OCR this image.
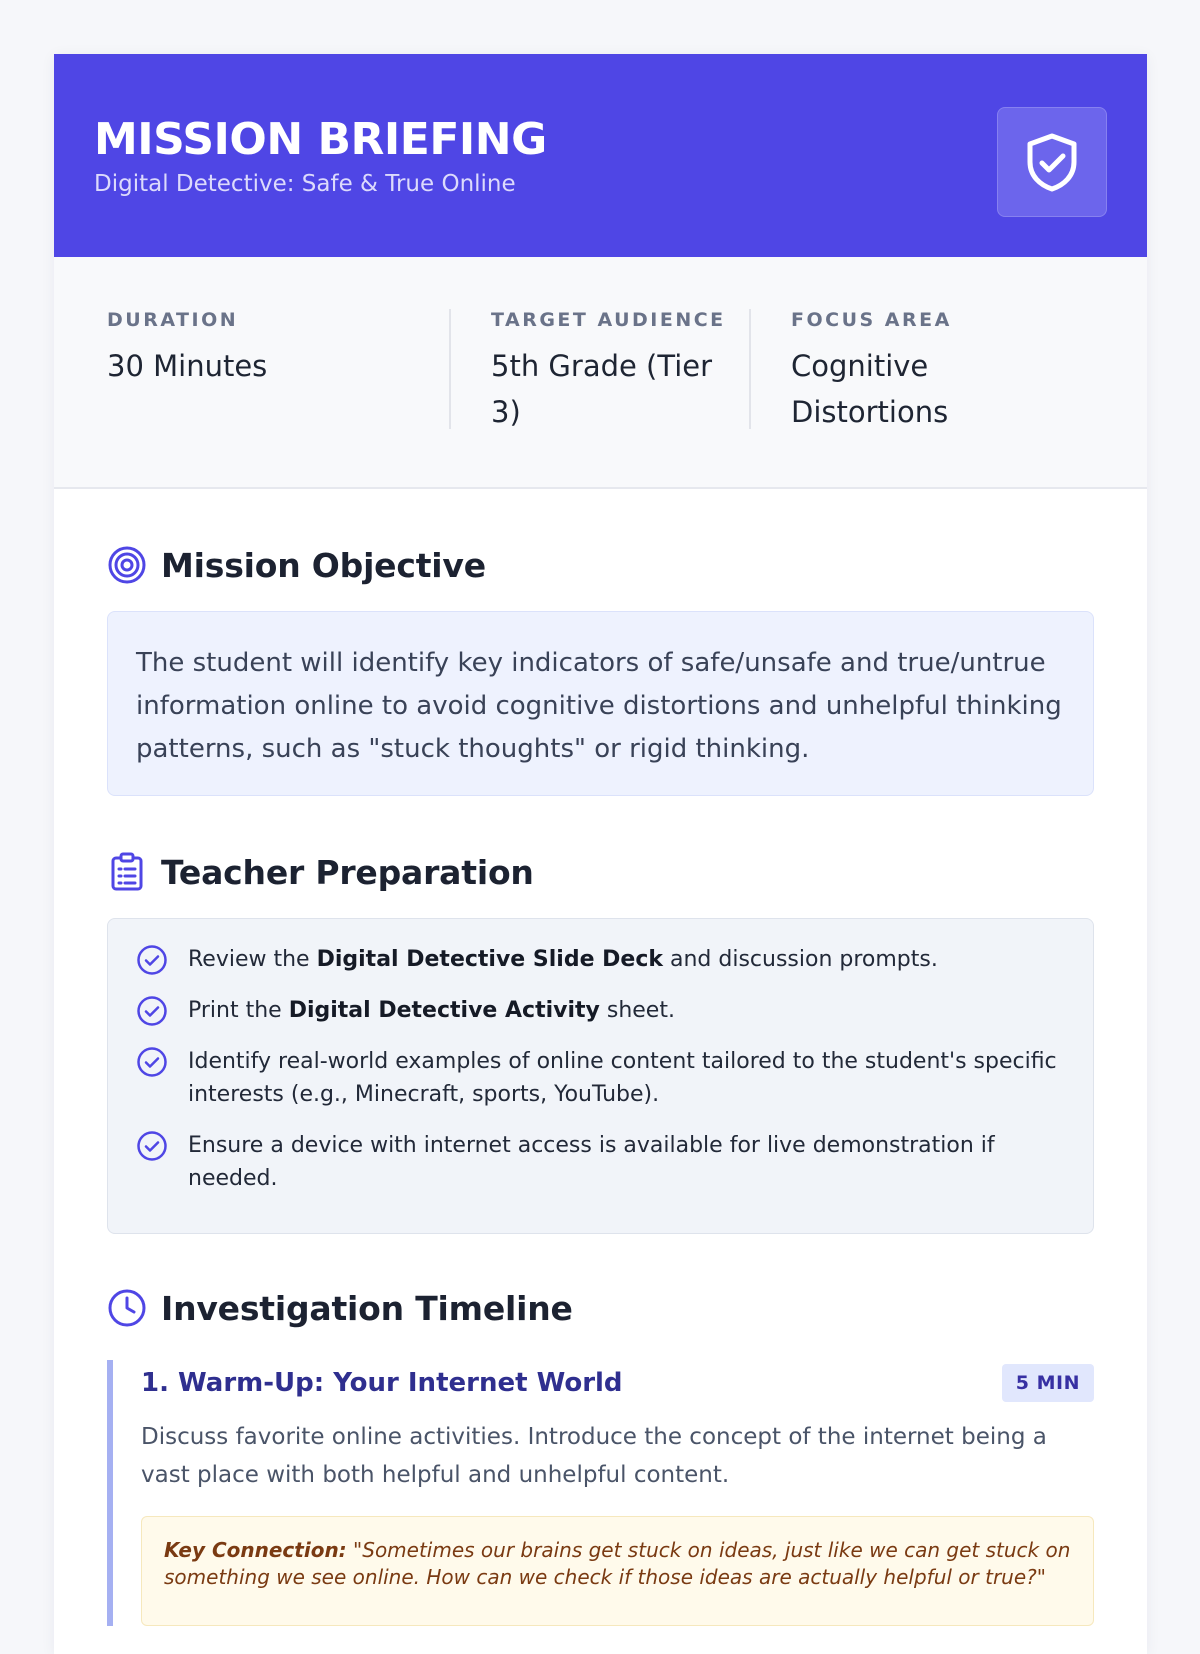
MISSION BRIEFING
Digital Detective: Safe & True Online
DURATION
30 Minutes
TARGET AUDIENCE
5th Grade (Tier 3)
FOCUS AREA
Cognitive Distortions
Mission Objective
The student will identify key indicators of safe/unsafe and true/untrue information online to avoid cognitive distortions and unhelpful thinking patterns, such as "stuck thoughts" or rigid thinking.
Teacher Preparation
Review the Digital Detective Slide Deck and discussion prompts.
Print the Digital Detective Activity sheet.
Identify real-world examples of online content tailored to the student's specific interests (e.g., Minecraft, sports, YouTube).
Ensure a device with internet access is available for live demonstration if needed.
Investigation Timeline
1. Warm-Up: Your Internet World	5 MIN
Discuss favorite online activities. Introduce the concept of the internet being a vast place with both helpful and unhelpful content.
Key Connection: "Sometimes our brains get stuck on ideas, just like we can get stuck on something we see online. How can we check if those ideas are actually helpful or true?"
